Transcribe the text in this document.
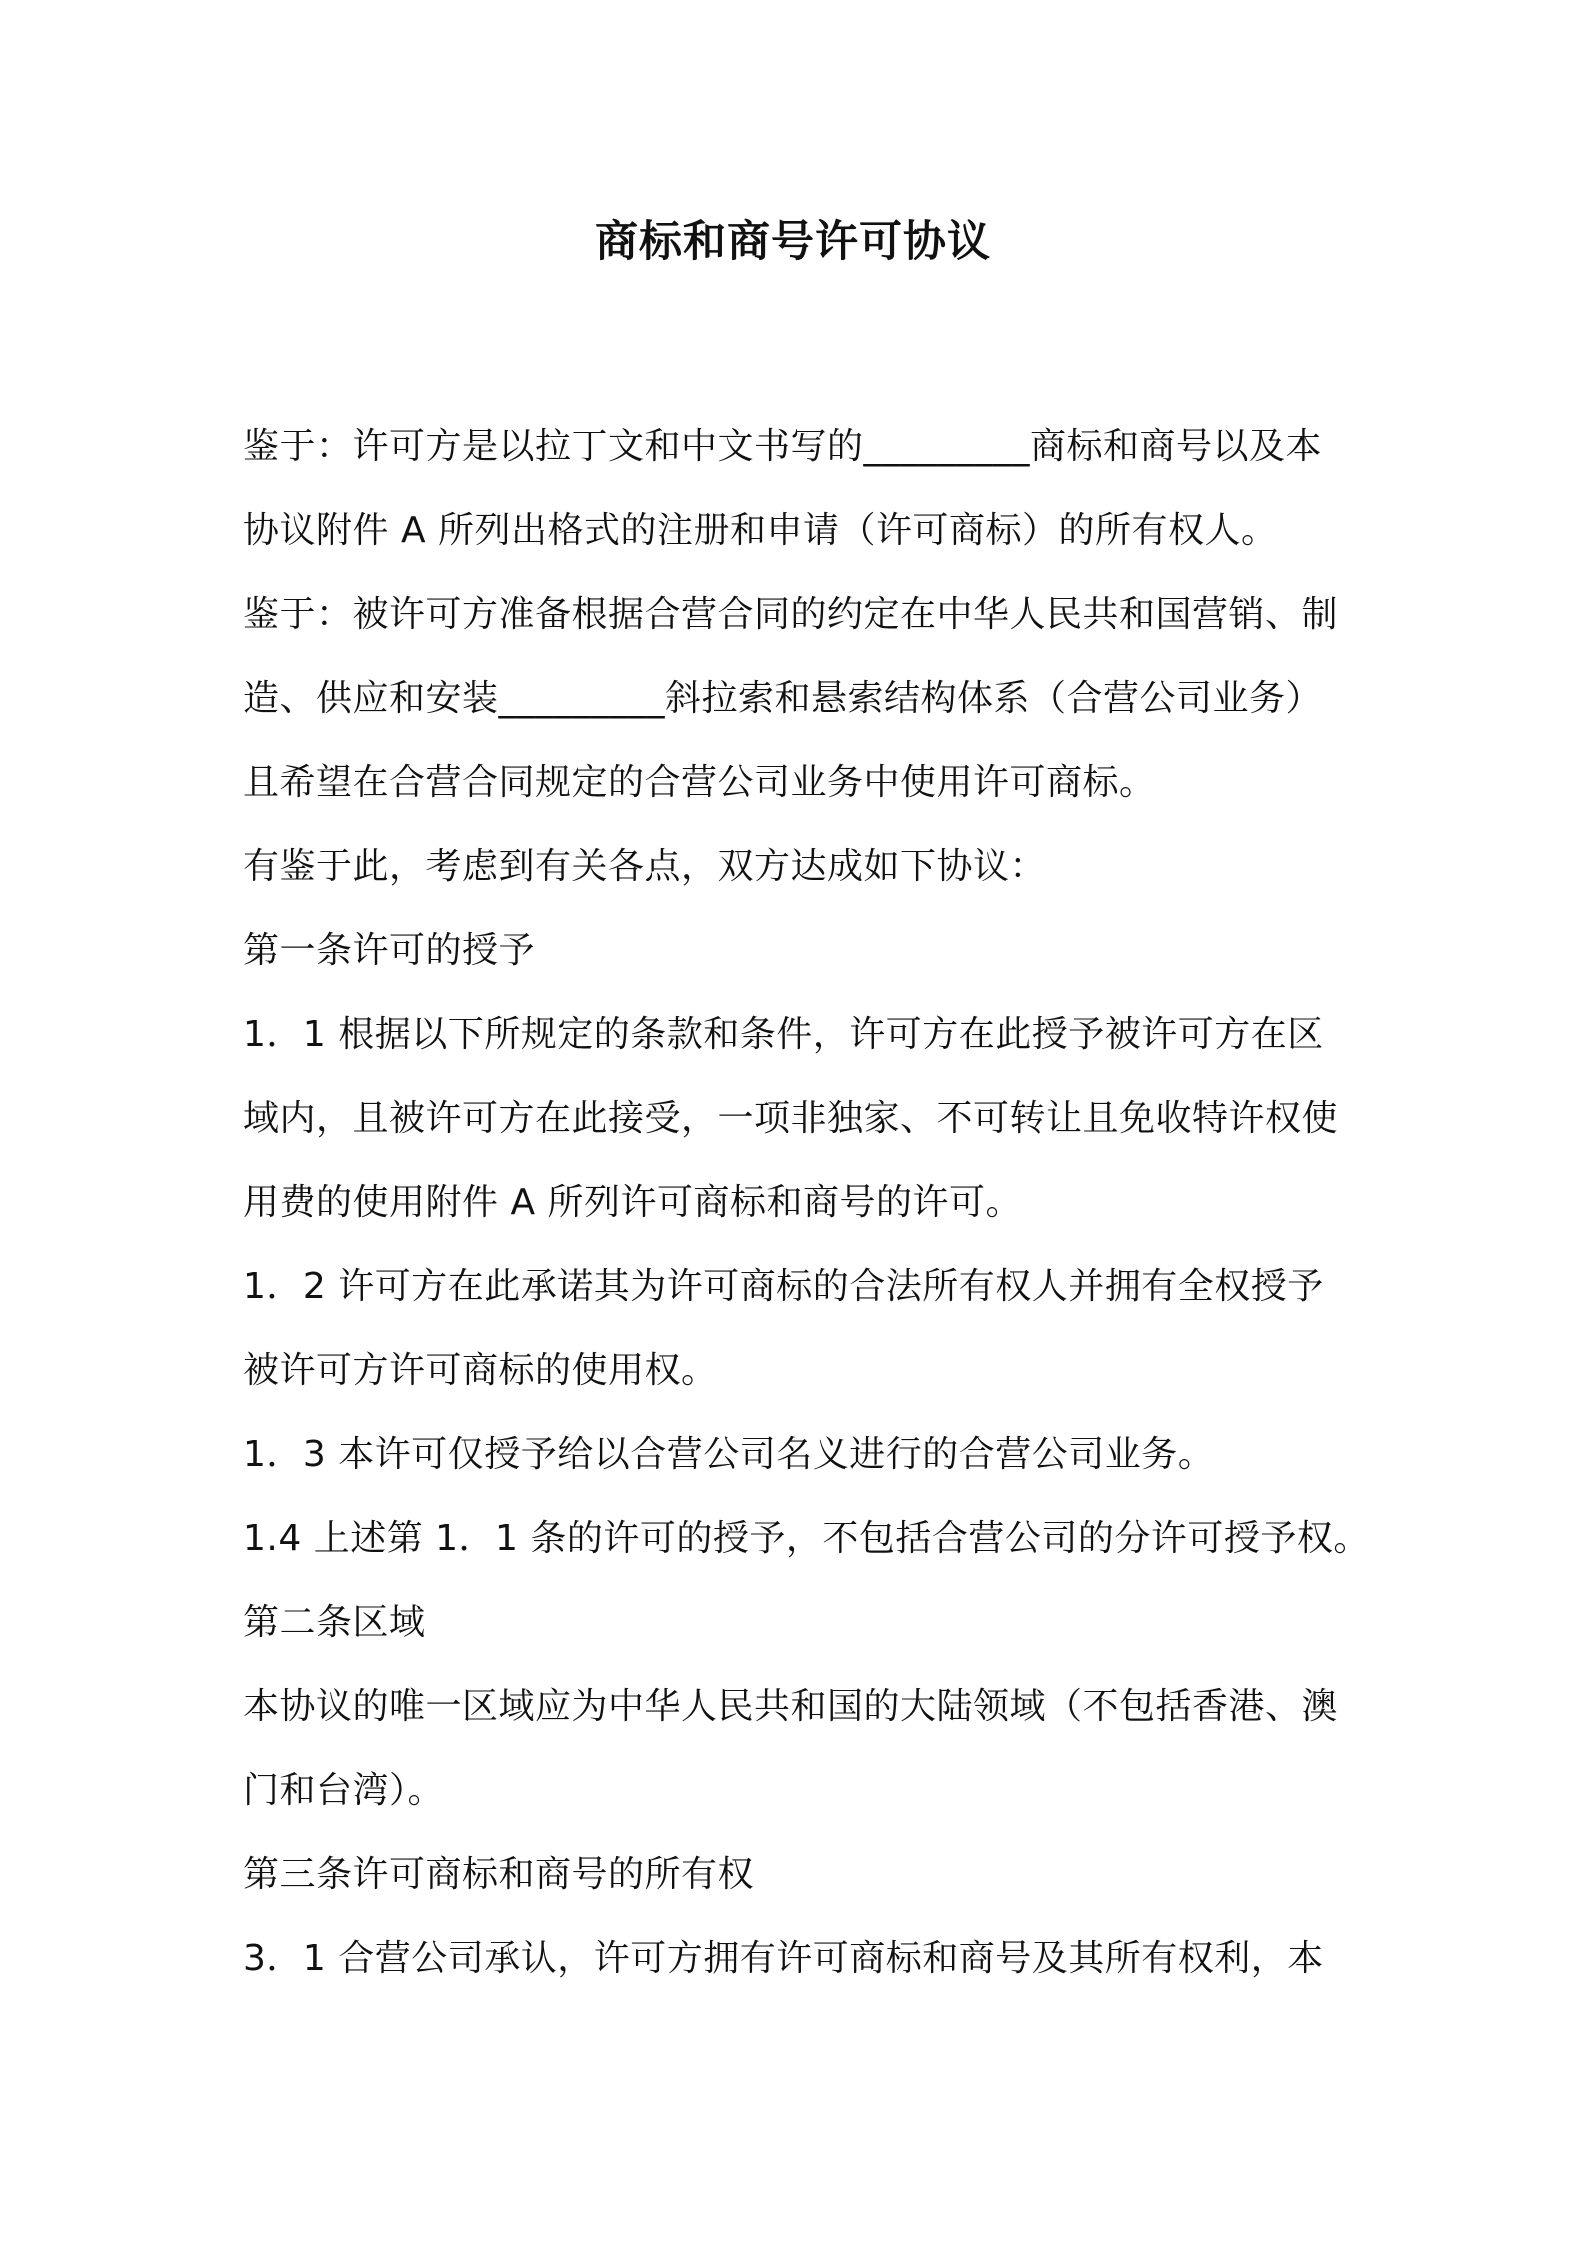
商标和商号许可协议
鉴于：许可方是以拉丁文和中文书写的_________商标和商号以及本
协议附件 A 所列出格式的注册和申请（许可商标）的所有权人。
鉴于：被许可方准备根据合营合同的约定在中华人民共和国营销、制
造、供应和安装_________斜拉索和悬索结构体系（合营公司业务）
且希望在合营合同规定的合营公司业务中使用许可商标。
有鉴于此，考虑到有关各点，双方达成如下协议：
第一条许可的授予
1．1 根据以下所规定的条款和条件，许可方在此授予被许可方在区
域内，且被许可方在此接受，一项非独家、不可转让且免收特许权使
用费的使用附件 A 所列许可商标和商号的许可。
1．2 许可方在此承诺其为许可商标的合法所有权人并拥有全权授予
被许可方许可商标的使用权。
1．3 本许可仅授予给以合营公司名义进行的合营公司业务。
1.4 上述第 1．1 条的许可的授予，不包括合营公司的分许可授予权。
第二条区域
本协议的唯一区域应为中华人民共和国的大陆领域（不包括香港、澳
门和台湾）。
第三条许可商标和商号的所有权
3．1 合营公司承认，许可方拥有许可商标和商号及其所有权利，本
